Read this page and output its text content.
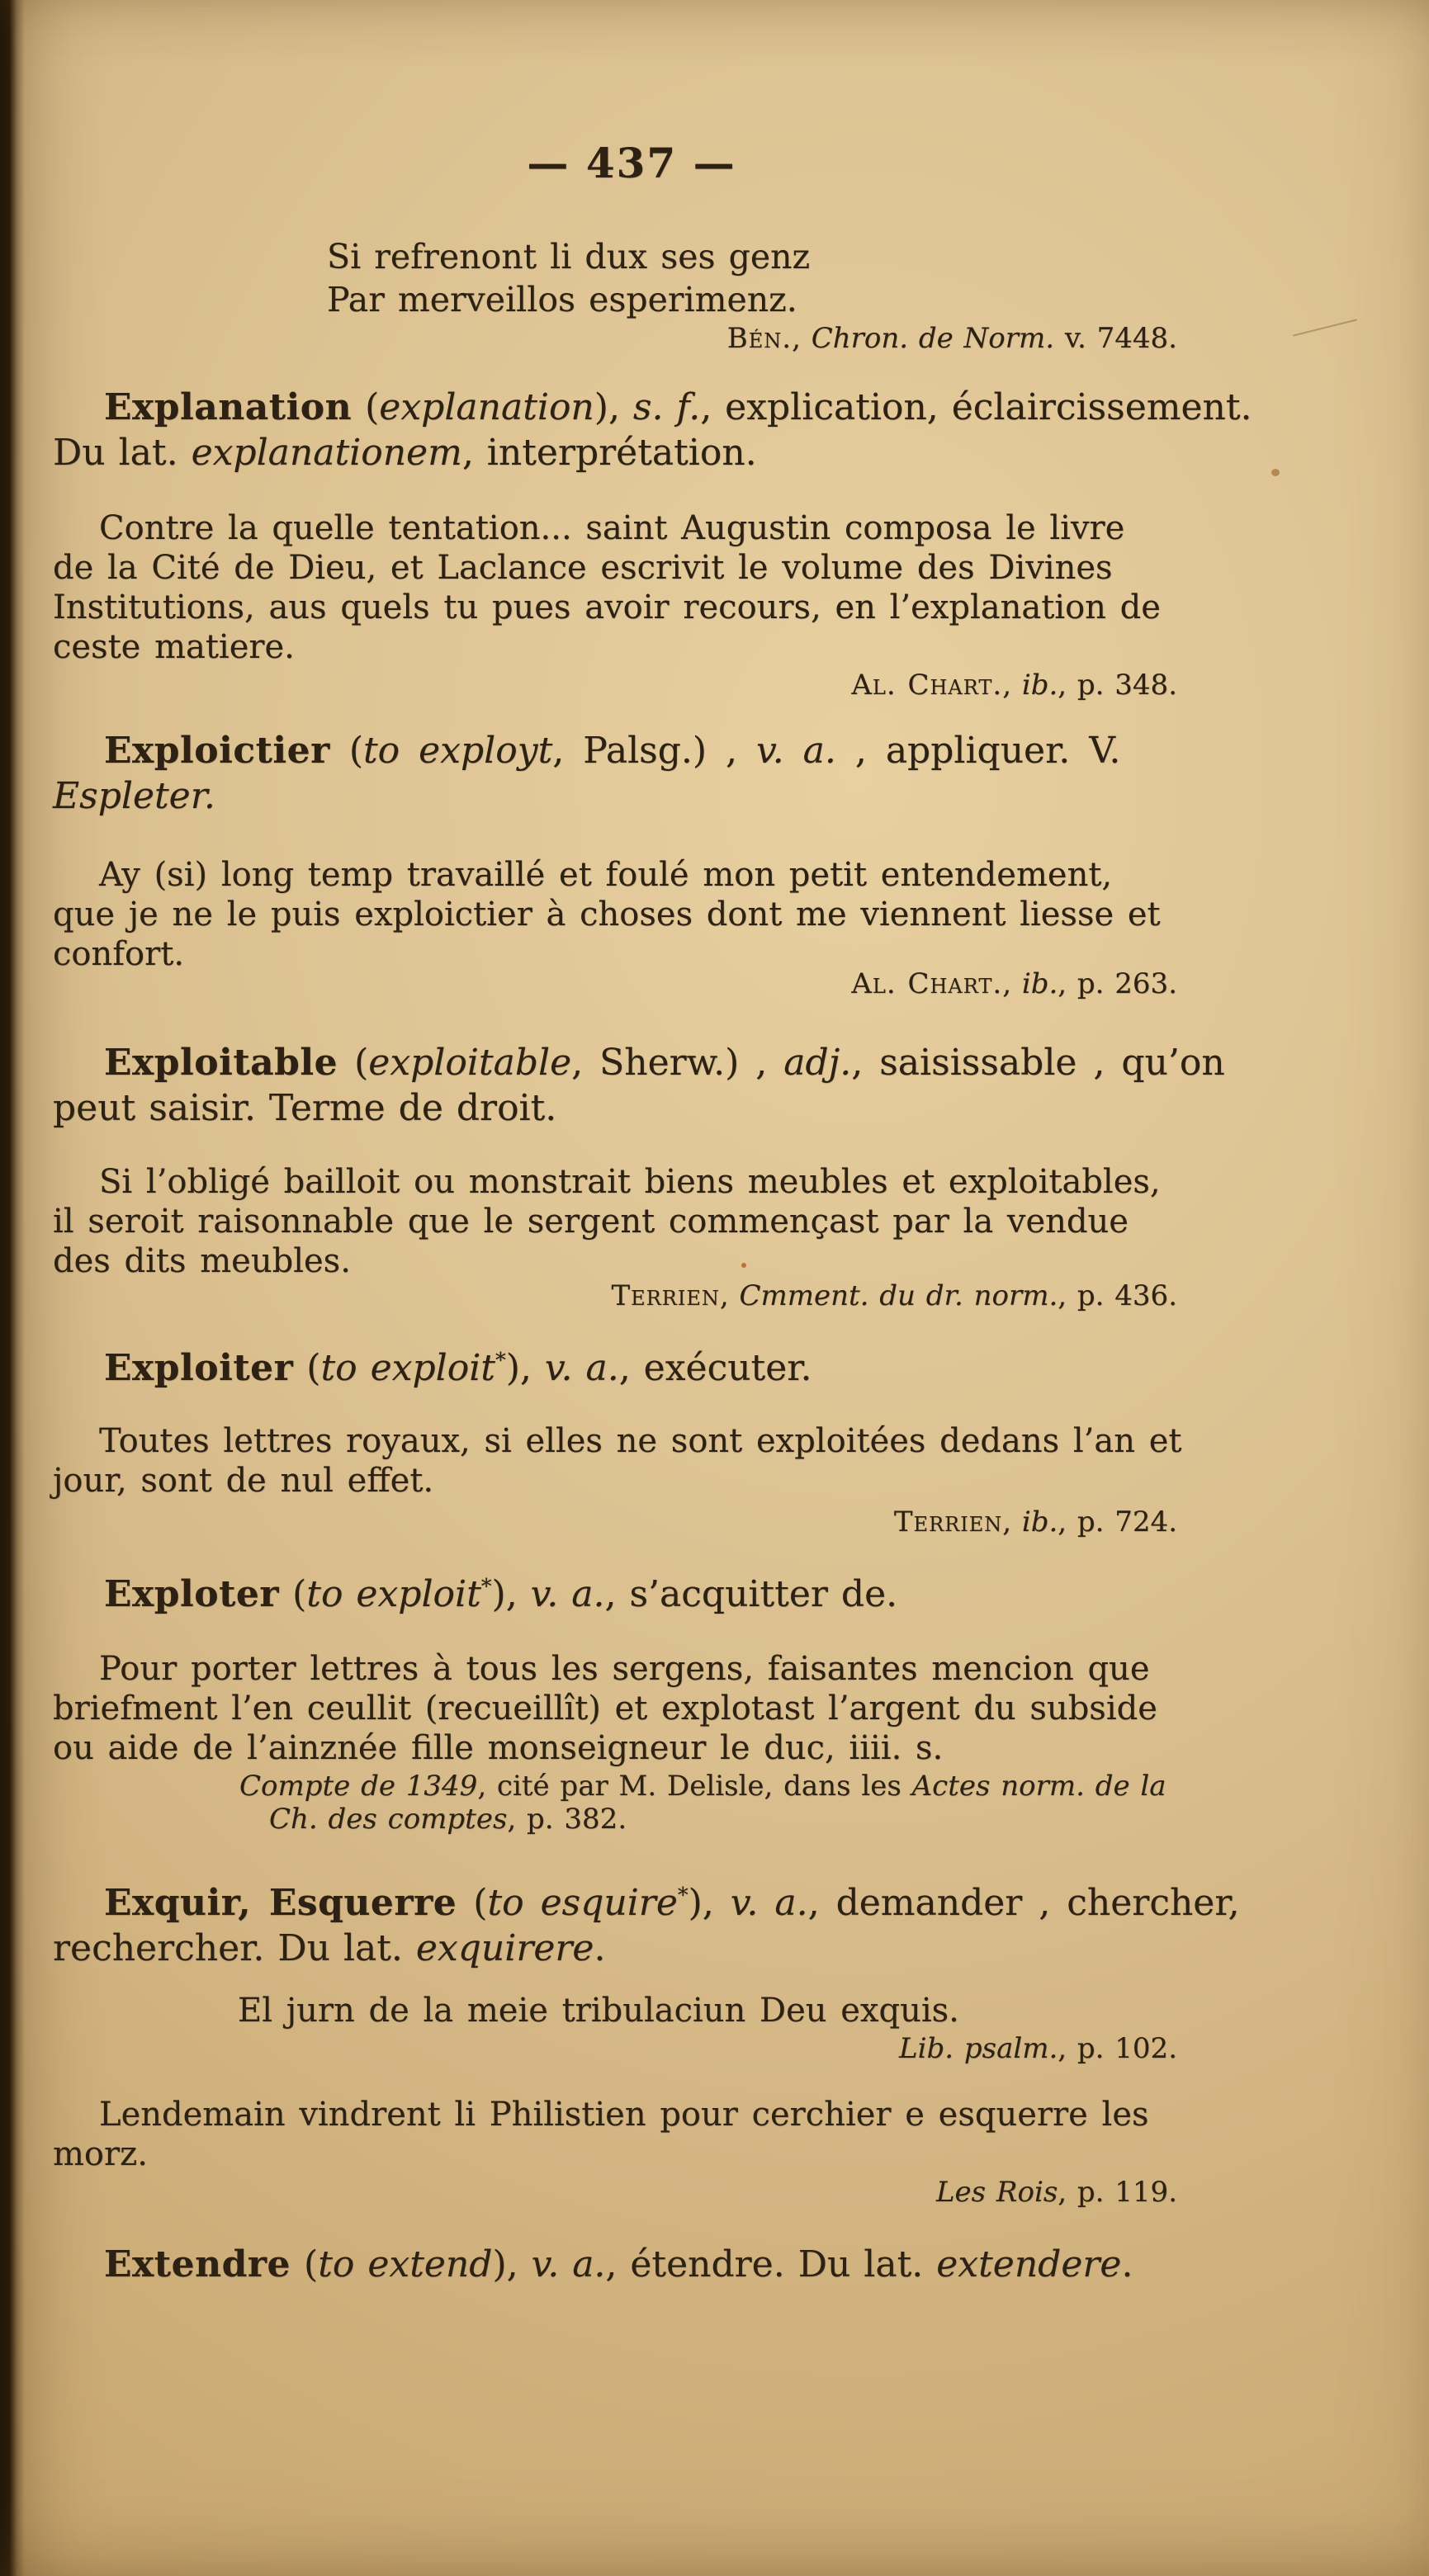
— 437 —
Si refrenont li dux ses genz
Par merveillos esperimenz.
Bén., Chron. de Norm. v. 7448.
Explanation (explanation), s. f., explication, éclaircissement.
Du lat. explanationem, interprétation.
Contre la quelle tentation... saint Augustin composa le livre
de la Cité de Dieu, et Laclance escrivit le volume des Divines
Institutions, aus quels tu pues avoir recours, en l’explanation de
ceste matiere.
Al. Chart., ib., p. 348.
Exploictier (to exployt, Palsg.) , v. a. , appliquer. V.
Espleter.
Ay (si) long temp travaillé et foulé mon petit entendement,
que je ne le puis exploictier à choses dont me viennent liesse et
confort.
Al. Chart., ib., p. 263.
Exploitable (exploitable, Sherw.) , adj., saisissable , qu’on
peut saisir. Terme de droit.
Si l’obligé bailloit ou monstrait biens meubles et exploitables,
il seroit raisonnable que le sergent commençast par la vendue
des dits meubles.
Terrien, Cmment. du dr. norm., p. 436.
Exploiter (to exploit*), v. a., exécuter.
Toutes lettres royaux, si elles ne sont exploitées dedans l’an et
jour, sont de nul effet.
Terrien, ib., p. 724.
Exploter (to exploit*), v. a., s’acquitter de.
Pour porter lettres à tous les sergens, faisantes mencion que
briefment l’en ceullit (recueillît) et explotast l’argent du subside
ou aide de l’ainznée fille monseigneur le duc, iiii. s.
Compte de 1349, cité par M. Delisle, dans les Actes norm. de la
Ch. des comptes, p. 382.
Exquir, Esquerre (to esquire*), v. a., demander , chercher,
rechercher. Du lat. exquirere.
El jurn de la meie tribulaciun Deu exquis.
Lib. psalm., p. 102.
Lendemain vindrent li Philistien pour cerchier e esquerre les
morz.
Les Rois, p. 119.
Extendre (to extend), v. a., étendre. Du lat. extendere.
